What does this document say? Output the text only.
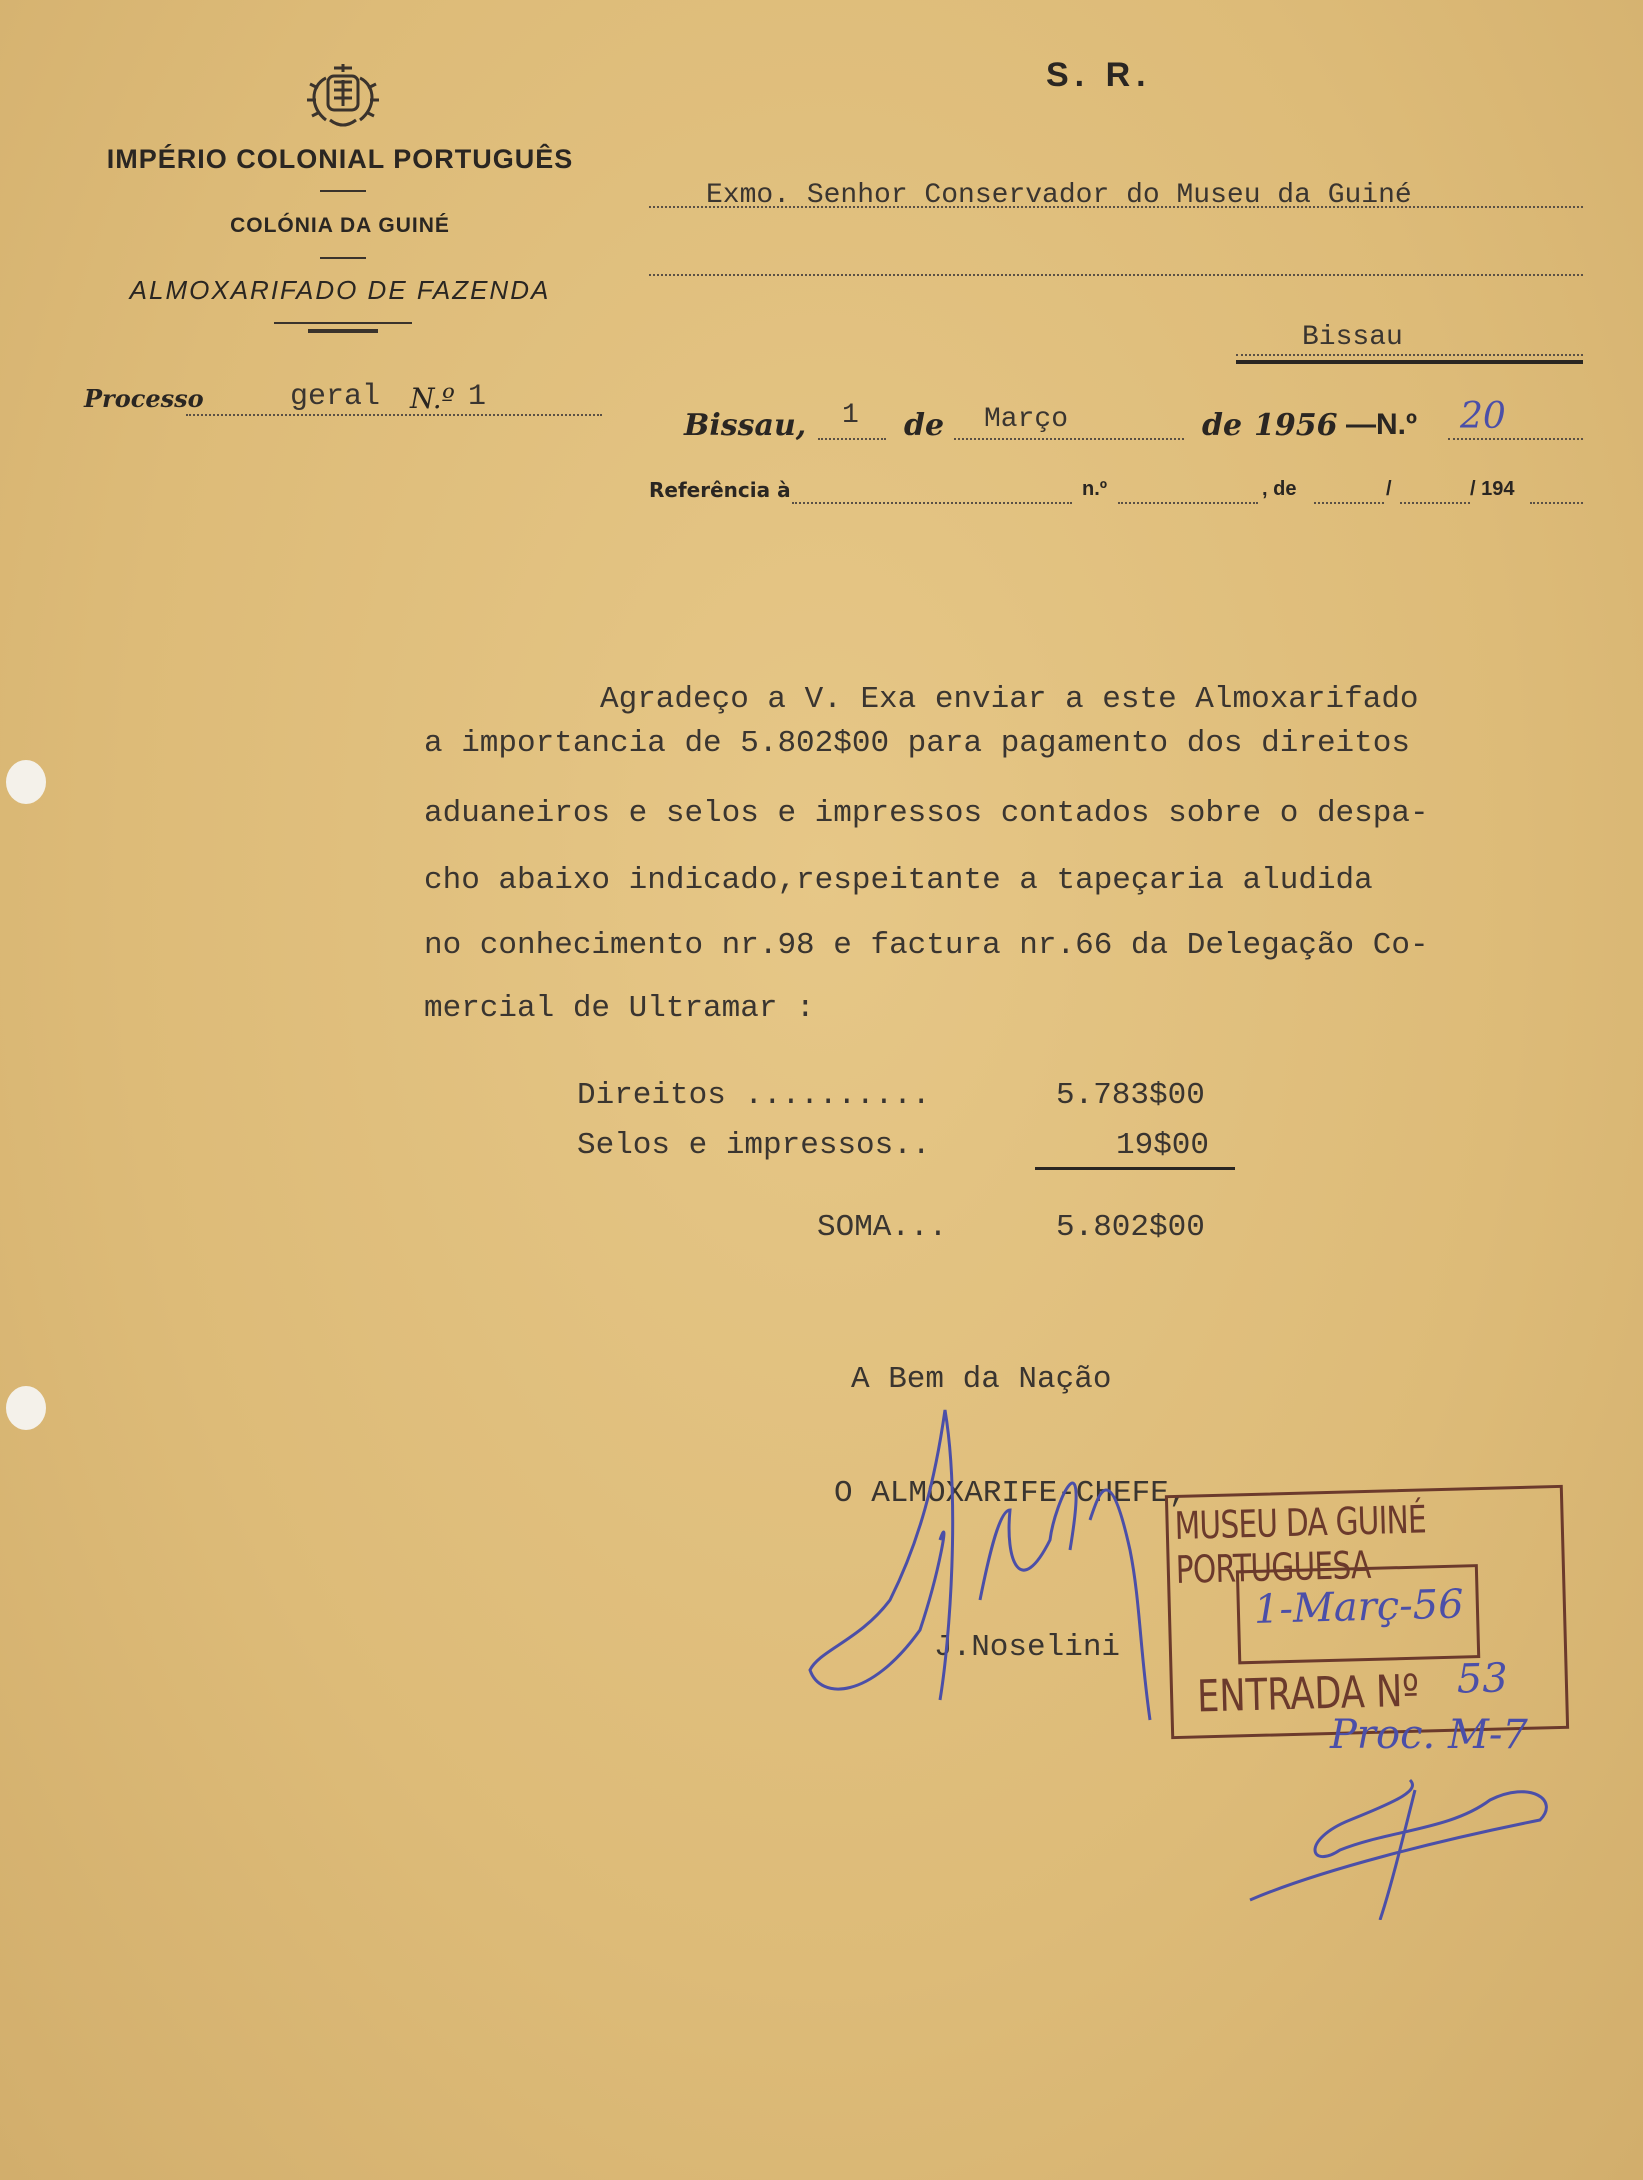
IMPÉRIO COLONIAL PORTUGUÊS
COLÓNIA DA GUINÉ
ALMOXARIFADO DE FAZENDA
Processo	geral N.º 1
S. R.
Exmo. Senhor Conservador do Museu da Guiné
Bissau
Bissau, 1 de Março	de 1956 —N.º 20
Referência à	n.º	, de	/	/ 194
Agradeço a V. Exa enviar a este Almoxarifado
a importancia de 5.802$00 para pagamento dos direitos
aduaneiros e selos e impressos contados sobre o despa-
cho abaixo indicado,respeitante a tapeçaria aludida
no conhecimento nr.98 e factura nr.66 da Delegação Co-
mercial de Ultramar :
Direitos ..........	5.783$00
Selos e impressos..	19$00
SOMA...	5.802$00
A Bem da Nação
O ALMOXARIFE-CHEFE,
J.Noselini
MUSEU DA GUINÉ PORTUGUESA
1-Març-56
ENTRADA Nº 53
Proc. M-7
